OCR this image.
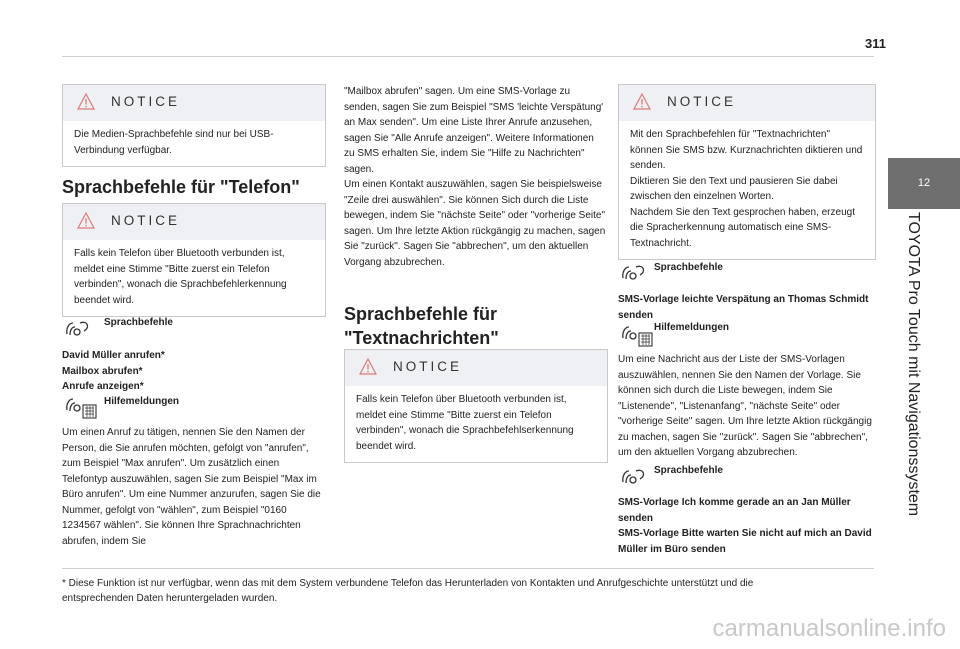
311
12
TOYOTA Pro Touch mit Navigationssystem
NOTICE
Die Medien-Sprachbefehle sind nur bei USB-Verbindung verfügbar.
Sprachbefehle für "Telefon"
NOTICE
Falls kein Telefon über Bluetooth verbunden ist, meldet eine Stimme "Bitte zuerst ein Telefon verbinden", wonach die Sprachbefehlerkennung beendet wird.
Sprachbefehle
David Müller anrufen*
Mailbox abrufen*
Anrufe anzeigen*
Hilfemeldungen

Um einen Anruf zu tätigen, nennen Sie den Namen der Person, die Sie anrufen möchten, gefolgt von "anrufen", zum Beispiel "Max anrufen". Um zusätzlich einen Telefontyp auszuwählen, sagen Sie zum Beispiel "Max im Büro anrufen". Um eine Nummer anzurufen, sagen Sie die Nummer, gefolgt von "wählen", zum Beispiel "0160 1234567 wählen". Sie können Ihre Sprachnachrichten abrufen, indem Sie

"Mailbox abrufen" sagen. Um eine SMS-Vorlage zu senden, sagen Sie zum Beispiel "SMS 'leichte Verspätung' an Max senden". Um eine Liste Ihrer Anrufe anzusehen, sagen Sie "Alle Anrufe anzeigen". Weitere Informationen zu SMS erhalten Sie, indem Sie "Hilfe zu Nachrichten" sagen.
Um einen Kontakt auszuwählen, sagen Sie beispielsweise "Zeile drei auswählen". Sie können Sich durch die Liste bewegen, indem Sie "nächste Seite" oder "vorherige Seite" sagen. Um Ihre letzte Aktion rückgängig zu machen, sagen Sie "zurück". Sagen Sie "abbrechen", um den aktuellen Vorgang abzubrechen.

Sprachbefehle für "Textnachrichten"
NOTICE
Falls kein Telefon über Bluetooth verbunden ist, meldet eine Stimme "Bitte zuerst ein Telefon verbinden", wonach die Sprachbefehlserkennung beendet wird.
NOTICE
Mit den Sprachbefehlen für "Textnachrichten" können Sie SMS bzw. Kurznachrichten diktieren und senden.
Diktieren Sie den Text und pausieren Sie dabei zwischen den einzelnen Worten.
Nachdem Sie den Text gesprochen haben, erzeugt die Spracherkennung automatisch eine SMS-Textnachricht.
Sprachbefehle

SMS-Vorlage leichte Verspätung an Thomas Schmidt senden

Hilfemeldungen

Um eine Nachricht aus der Liste der SMS-Vorlagen auszuwählen, nennen Sie den Namen der Vorlage. Sie können sich durch die Liste bewegen, indem Sie "Listenende", "Listenanfang", "nächste Seite" oder "vorherige Seite" sagen. Um Ihre letzte Aktion rückgängig zu machen, sagen Sie "zurück". Sagen Sie "abbrechen", um den aktuellen Vorgang abzubrechen.

Sprachbefehle

SMS-Vorlage Ich komme gerade an an Jan Müller senden
SMS-Vorlage Bitte warten Sie nicht auf mich an David Müller im Büro senden

* Diese Funktion ist nur verfügbar, wenn das mit dem System verbundene Telefon das Herunterladen von Kontakten und Anrufgeschichte unterstützt und die entsprechenden Daten heruntergeladen wurden.
carmanualsonline.info
